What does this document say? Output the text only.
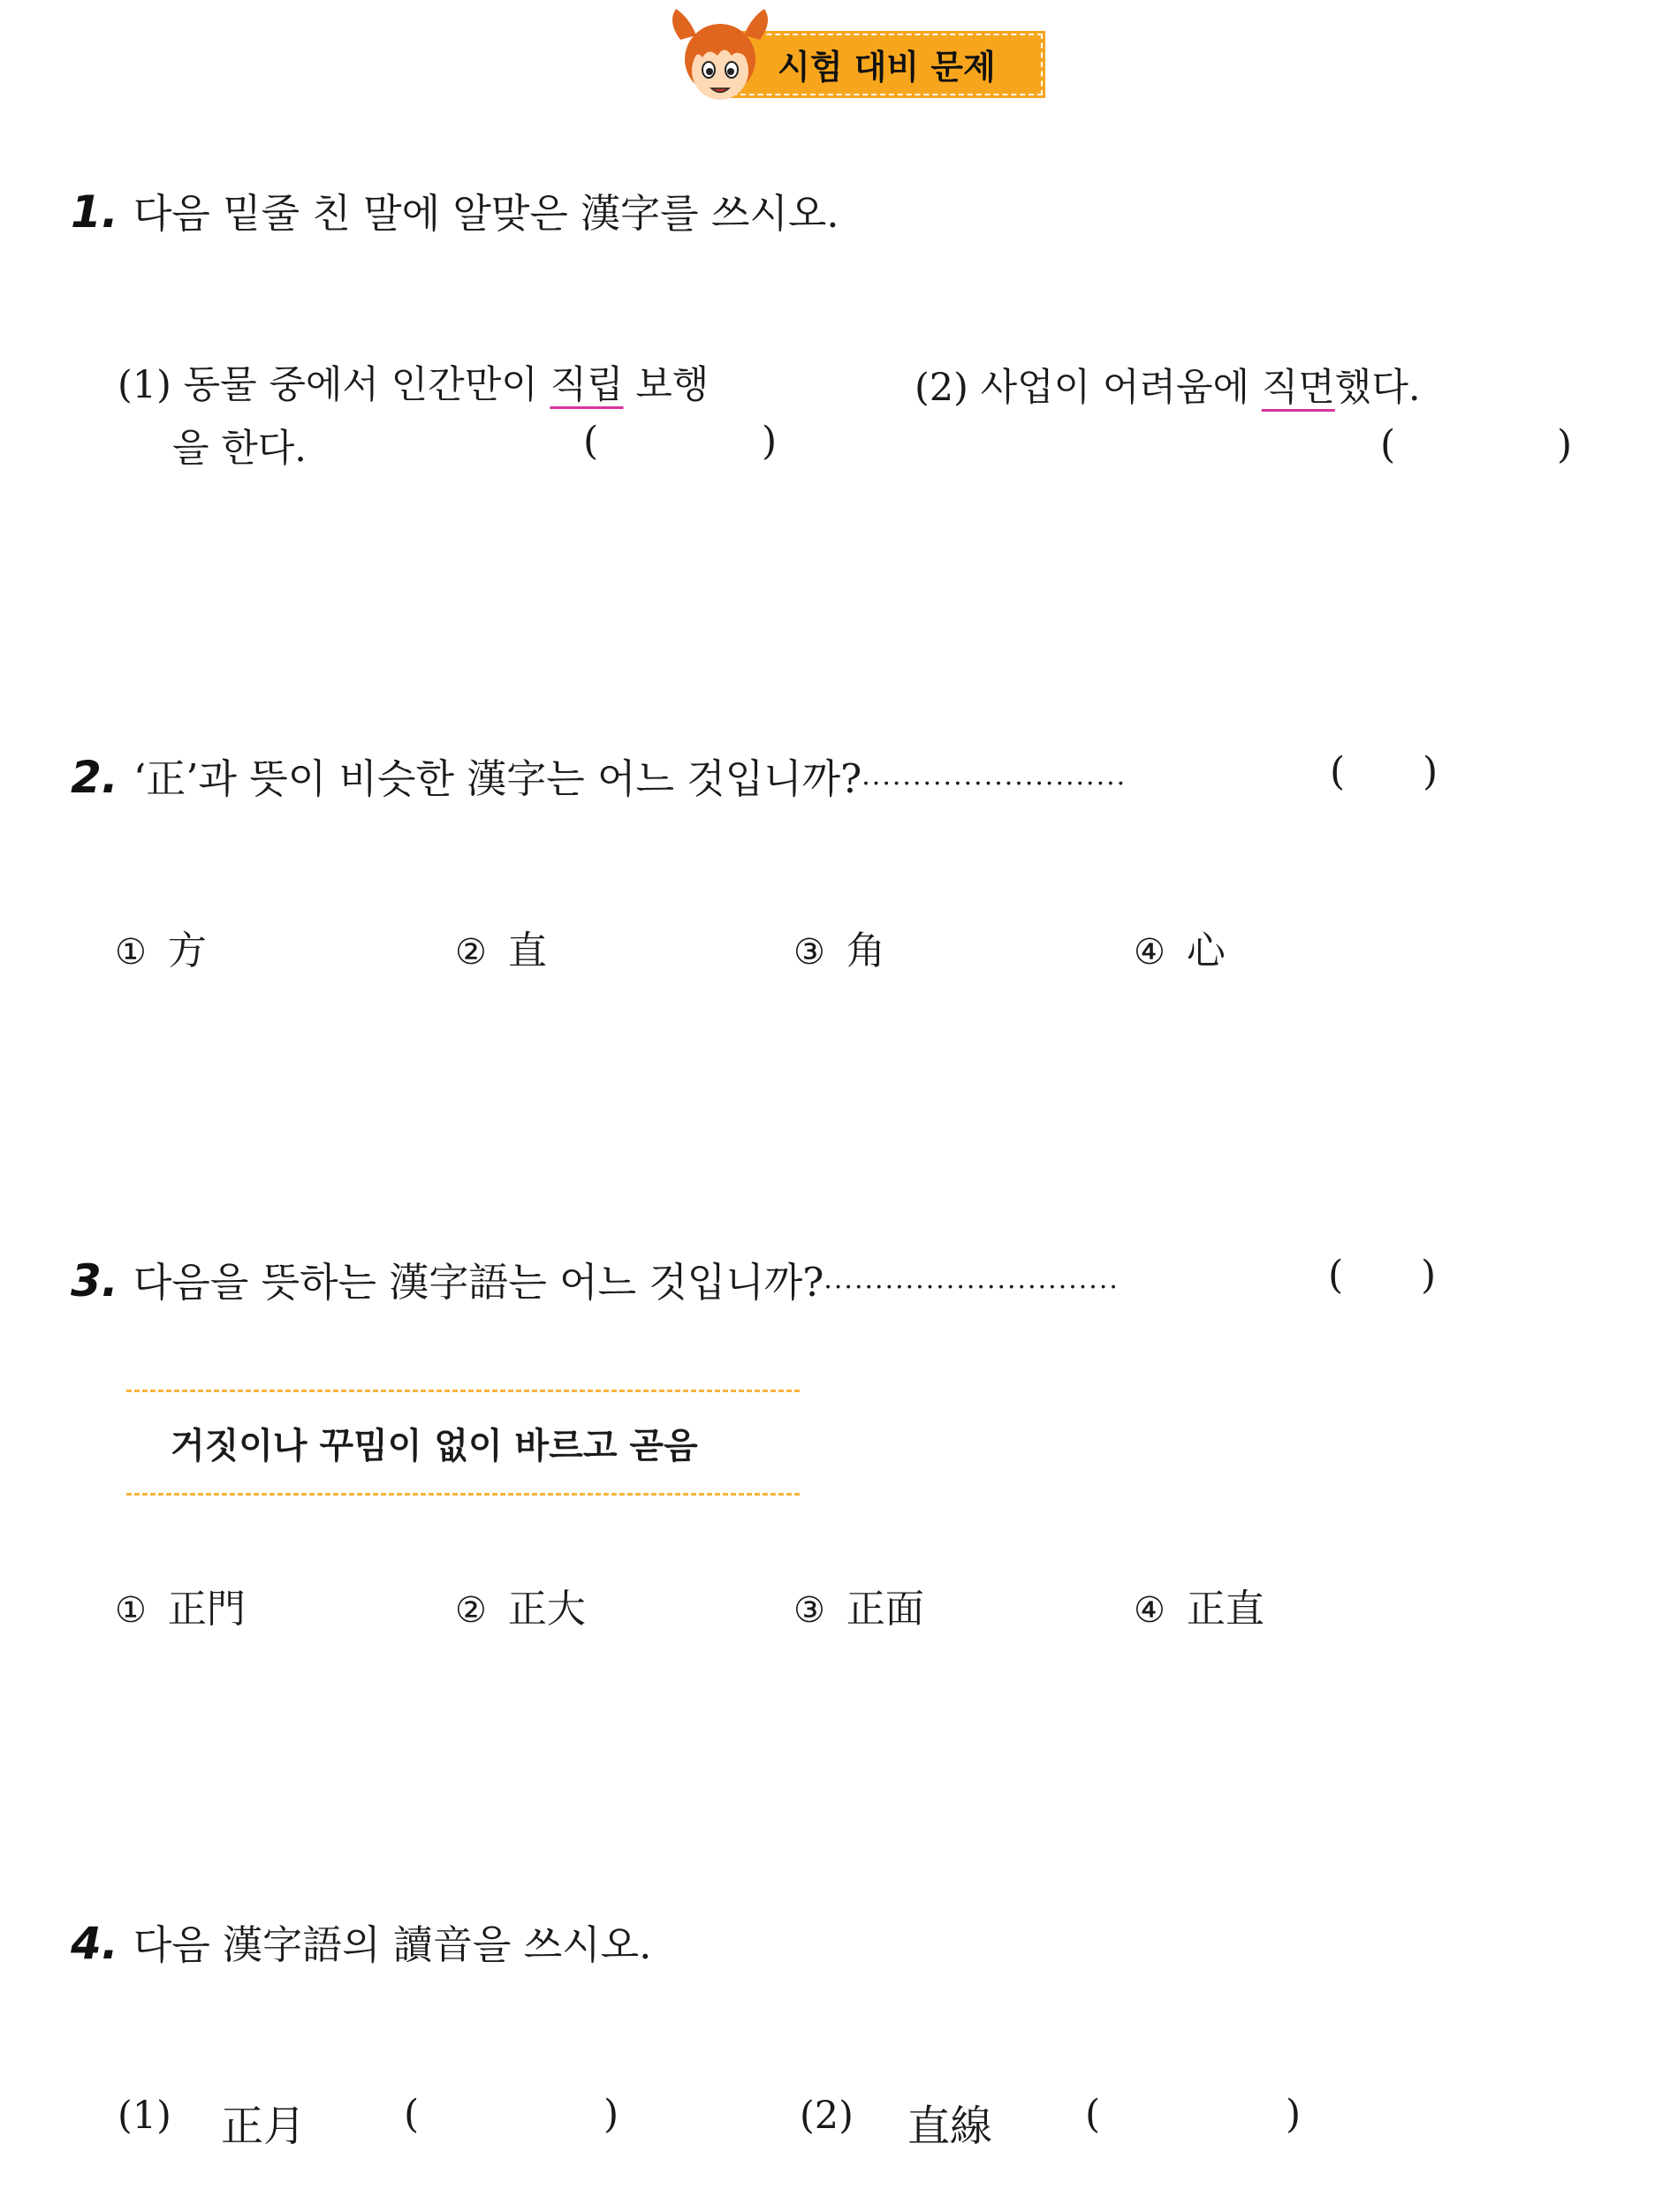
시험 대비 문제
1. 다음 밑줄 친 말에 알맞은 漢字를 쓰시오.
(1) 동물 중에서 인간만이 직립 보행
을 한다.	(	)
(2) 사업이 어려움에 직면했다.
(	)
2. ‘正’과 뜻이 비슷한 漢字는 어느 것입니까?··························	( )
① 方	② 直	③ 角	④ 心
3. 다음을 뜻하는 漢字語는 어느 것입니까?·····························	( )
거짓이나 꾸밈이 없이 바르고 곧음
① 正門	② 正大	③ 正面	④ 正直
4. 다음 漢字語의 讀音을 쓰시오.
(1) 正月	(	)	(2) 直線 (	)
